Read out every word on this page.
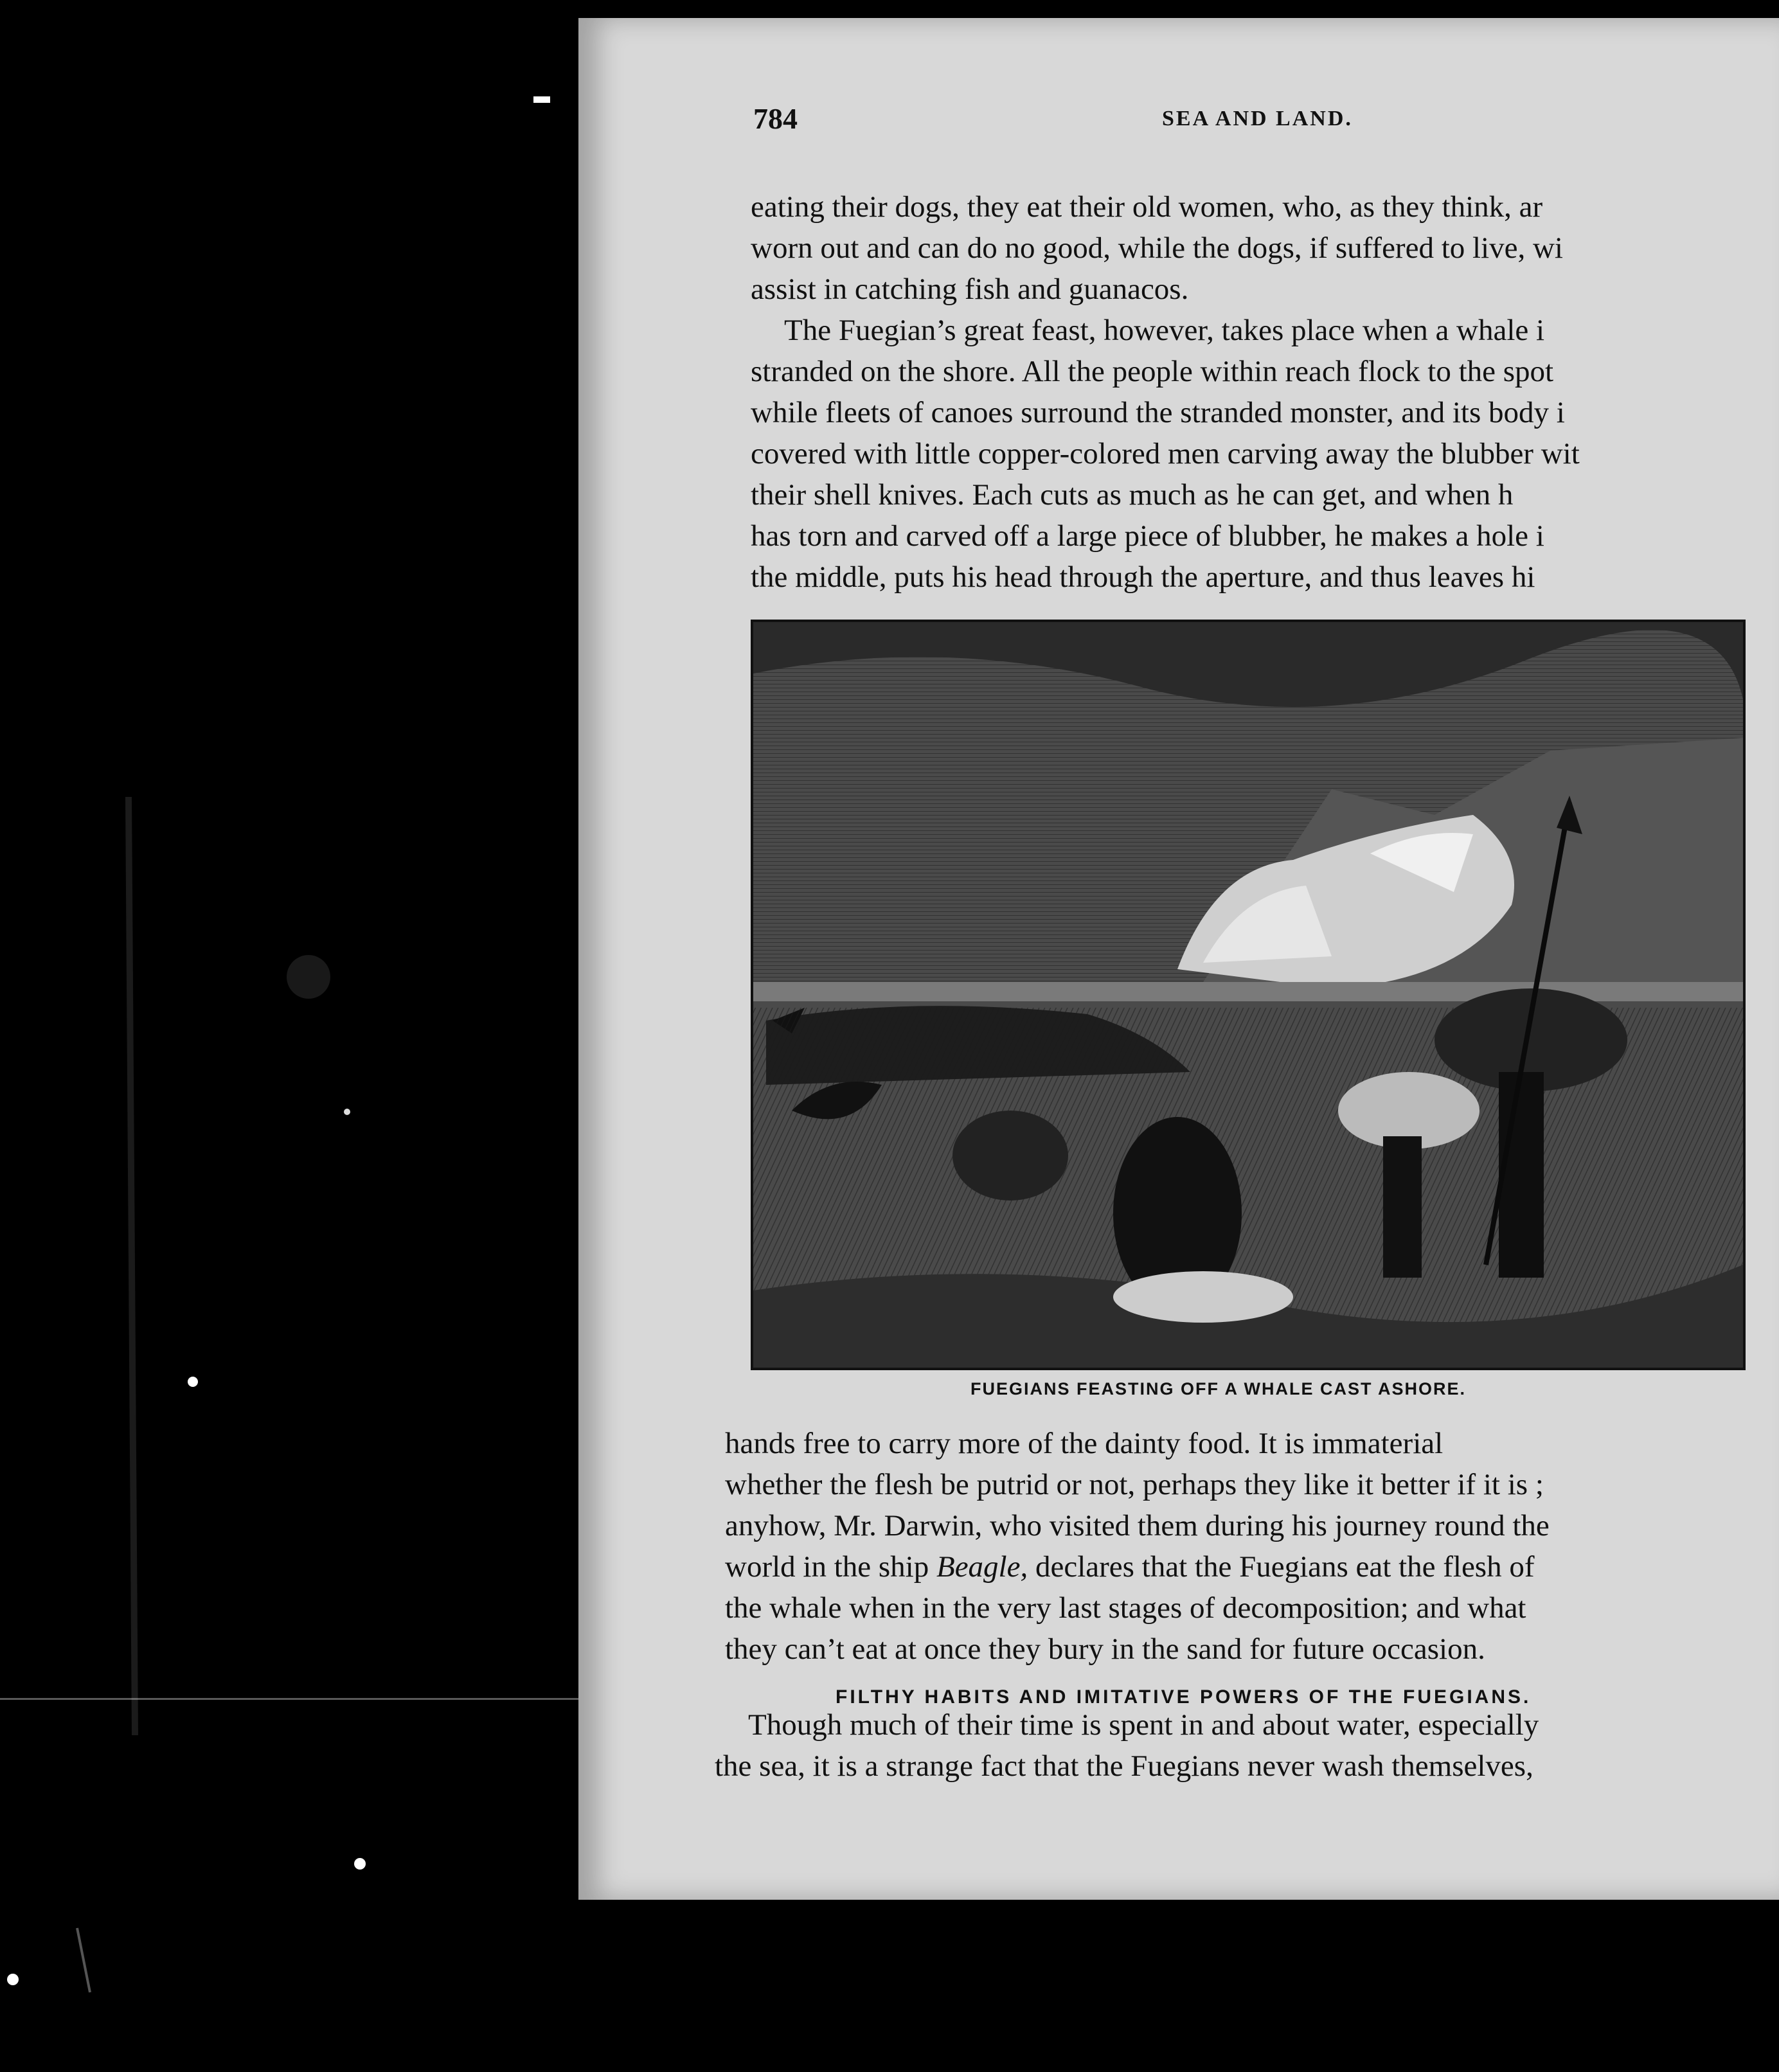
784	SEA AND LAND.

eating their dogs, they eat their old women, who, as they think, ar
worn out and can do no good, while the dogs, if suffered to live, wi
assist in catching fish and guanacos.
The Fuegian’s great feast, however, takes place when a whale i
stranded on the shore. All the people within reach flock to the spot
while fleets of canoes surround the stranded monster, and its body i
covered with little copper-colored men carving away the blubber wit
their shell knives. Each cuts as much as he can get, and when h
has torn and carved off a large piece of blubber, he makes a hole i
the middle, puts his head through the aperture, and thus leaves hi

FUEGIANS FEASTING OFF A WHALE CAST ASHORE.

hands free to carry more of the dainty food. It is immaterial
whether the flesh be putrid or not, perhaps they like it better if it is ;
anyhow, Mr. Darwin, who visited them during his journey round the
world in the ship Beagle, declares that the Fuegians eat the flesh of
the whale when in the very last stages of decomposition; and what
they can’t eat at once they bury in the sand for future occasion.

FILTHY HABITS AND IMITATIVE POWERS OF THE FUEGIANS.

Though much of their time is spent in and about water, especially
the sea, it is a strange fact that the Fuegians never wash themselves,
